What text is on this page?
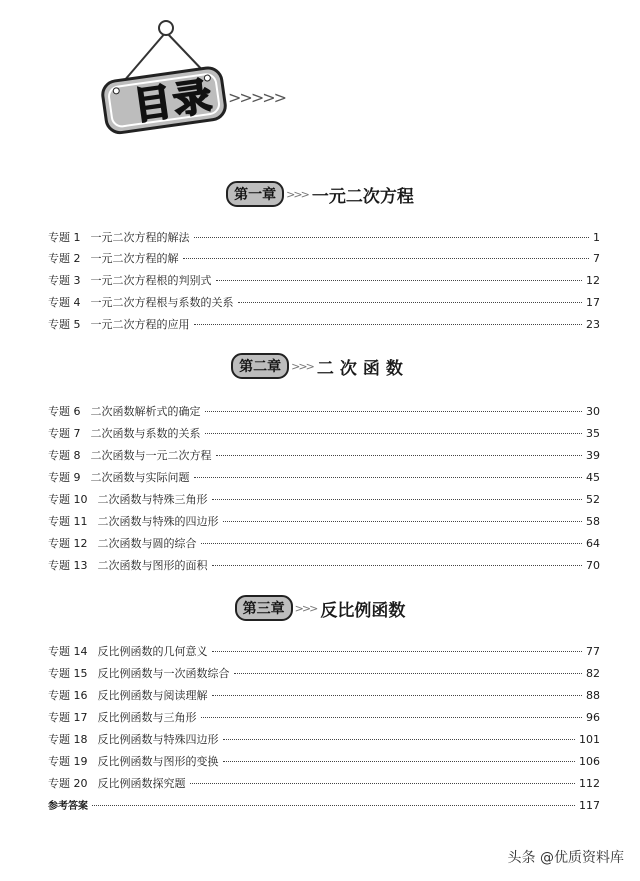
目录 >>>>>
第一章 >>> 一元二次方程
第二章 >>> 二次函数
第三章 >>> 反比例函数
专题 1 一元二次方程的解法	1
专题 2 一元二次方程的解	7
专题 3 一元二次方程根的判别式	12
专题 4 一元二次方程根与系数的关系	17
专题 5 一元二次方程的应用	23
专题 6 二次函数解析式的确定	30
专题 7 二次函数与系数的关系	35
专题 8 二次函数与一元二次方程	39
专题 9 二次函数与实际问题	45
专题 10 二次函数与特殊三角形	52
专题 11 二次函数与特殊的四边形	58
专题 12 二次函数与圆的综合	64
专题 13 二次函数与图形的面积	70
专题 14 反比例函数的几何意义	77
专题 15 反比例函数与一次函数综合	82
专题 16 反比例函数与阅读理解	88
专题 17 反比例函数与三角形	96
专题 18 反比例函数与特殊四边形	101
专题 19 反比例函数与图形的变换	106
专题 20 反比例函数探究题	112
参考答案	117
头条 @优质资料库
